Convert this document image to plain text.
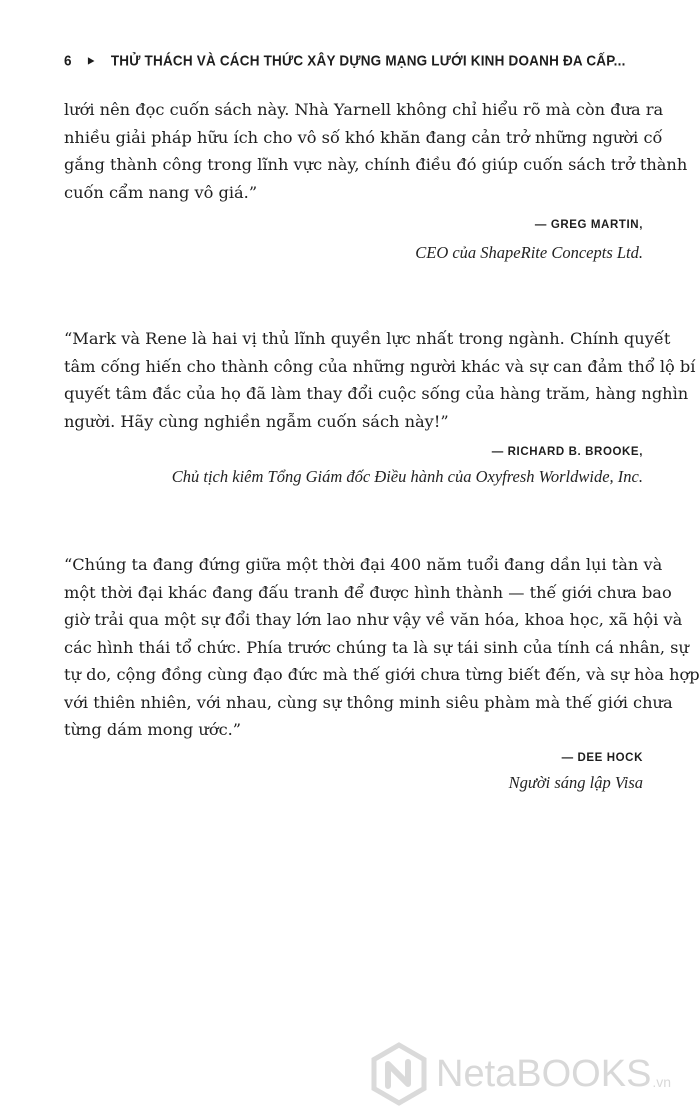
6 ► THỬ THÁCH VÀ CÁCH THỨC XÂY DỰNG MẠNG LƯỚI KINH DOANH ĐA CẤP...
lưới nên đọc cuốn sách này. Nhà Yarnell không chỉ hiểu rõ mà còn đưa ra
nhiều giải pháp hữu ích cho vô số khó khăn đang cản trở những người cố
gắng thành công trong lĩnh vực này, chính điều đó giúp cuốn sách trở thành
cuốn cẩm nang vô giá.”
— GREG MARTIN,
CEO của ShapeRite Concepts Ltd.
“Mark và Rene là hai vị thủ lĩnh quyền lực nhất trong ngành. Chính quyết
tâm cống hiến cho thành công của những người khác và sự can đảm thổ lộ bí
quyết tâm đắc của họ đã làm thay đổi cuộc sống của hàng trăm, hàng nghìn
người. Hãy cùng nghiền ngẫm cuốn sách này!”
— RICHARD B. BROOKE,
Chủ tịch kiêm Tổng Giám đốc Điều hành của Oxyfresh Worldwide, Inc.
“Chúng ta đang đứng giữa một thời đại 400 năm tuổi đang dần lụi tàn và
một thời đại khác đang đấu tranh để được hình thành — thế giới chưa bao
giờ trải qua một sự đổi thay lớn lao như vậy về văn hóa, khoa học, xã hội và
các hình thái tổ chức. Phía trước chúng ta là sự tái sinh của tính cá nhân, sự
tự do, cộng đồng cùng đạo đức mà thế giới chưa từng biết đến, và sự hòa hợp
với thiên nhiên, với nhau, cùng sự thông minh siêu phàm mà thế giới chưa
từng dám mong ước.”
— DEE HOCK
Người sáng lập Visa
NetaBOOKS .vn
